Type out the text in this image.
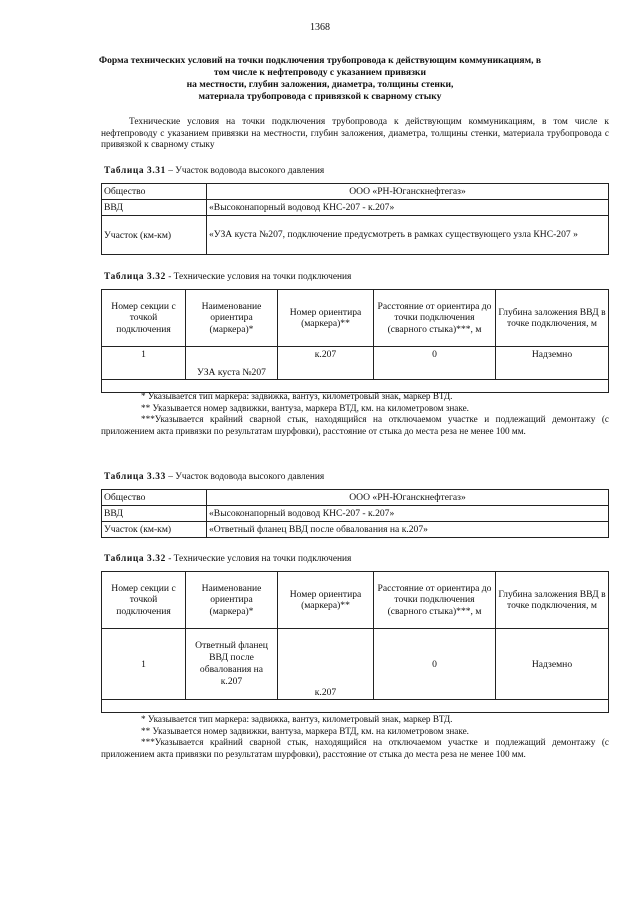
1368
Форма технических условий на точки подключения трубопровода к действующим коммуникациям, в
том числе к нефтепроводу с указанием привязки
на местности, глубин заложения, диаметра, толщины стенки,
материала трубопровода с привязкой к сварному стыку
Технические условия на точки подключения трубопровода к действующим коммуникациям, в том числе к нефтепроводу с указанием привязки на местности, глубин заложения, диаметра, толщины стенки, материала трубопровода с привязкой к сварному стыку
Таблица 3.31 – Участок водовода высокого давления
Общество	ООО «РН-Юганскнефтегаз»
ВВД	«Высоконапорный водовод КНС-207 - к.207»
Участок (км-км)	«УЗА куста №207, подключение предусмотреть в рамках существующего узла КНС-207 »
Таблица 3.32 - Технические условия на точки подключения
Номер секции с точкой подключения	Наименование ориентира (маркера)*	Номер ориентира (маркера)**	Расстояние от ориентира до точки подключения (сварного стыка)***, м	Глубина заложения ВВД в точке подключения, м
1	УЗА куста №207	к.207	0	Надземно

* Указывается тип маркера: задвижка, вантуз, километровый знак, маркер ВТД.

** Указывается номер задвижки, вантуза, маркера ВТД, км. на километровом знаке.

***Указывается крайний сварной стык, находящийся на отключаемом участке и подлежащий демонтажу (с приложением акта привязки по результатам шурфовки), расстояние от стыка до места реза не менее 100 мм.

Таблица 3.33 – Участок водовода высокого давления
Общество	ООО «РН-Юганскнефтегаз»
ВВД	«Высоконапорный водовод КНС-207 - к.207»
Участок (км-км)	«Ответный фланец ВВД после обвалования на к.207»
Таблица 3.32 - Технические условия на точки подключения
Номер секции с точкой подключения	Наименование ориентира (маркера)*	Номер ориентира (маркера)**	Расстояние от ориентира до точки подключения (сварного стыка)***, м	Глубина заложения ВВД в точке подключения, м
1	Ответный фланец ВВД после обвалования на к.207	к.207	0	Надземно

* Указывается тип маркера: задвижка, вантуз, километровый знак, маркер ВТД.

** Указывается номер задвижки, вантуза, маркера ВТД, км. на километровом знаке.

***Указывается крайний сварной стык, находящийся на отключаемом участке и подлежащий демонтажу (с приложением акта привязки по результатам шурфовки), расстояние от стыка до места реза не менее 100 мм.
